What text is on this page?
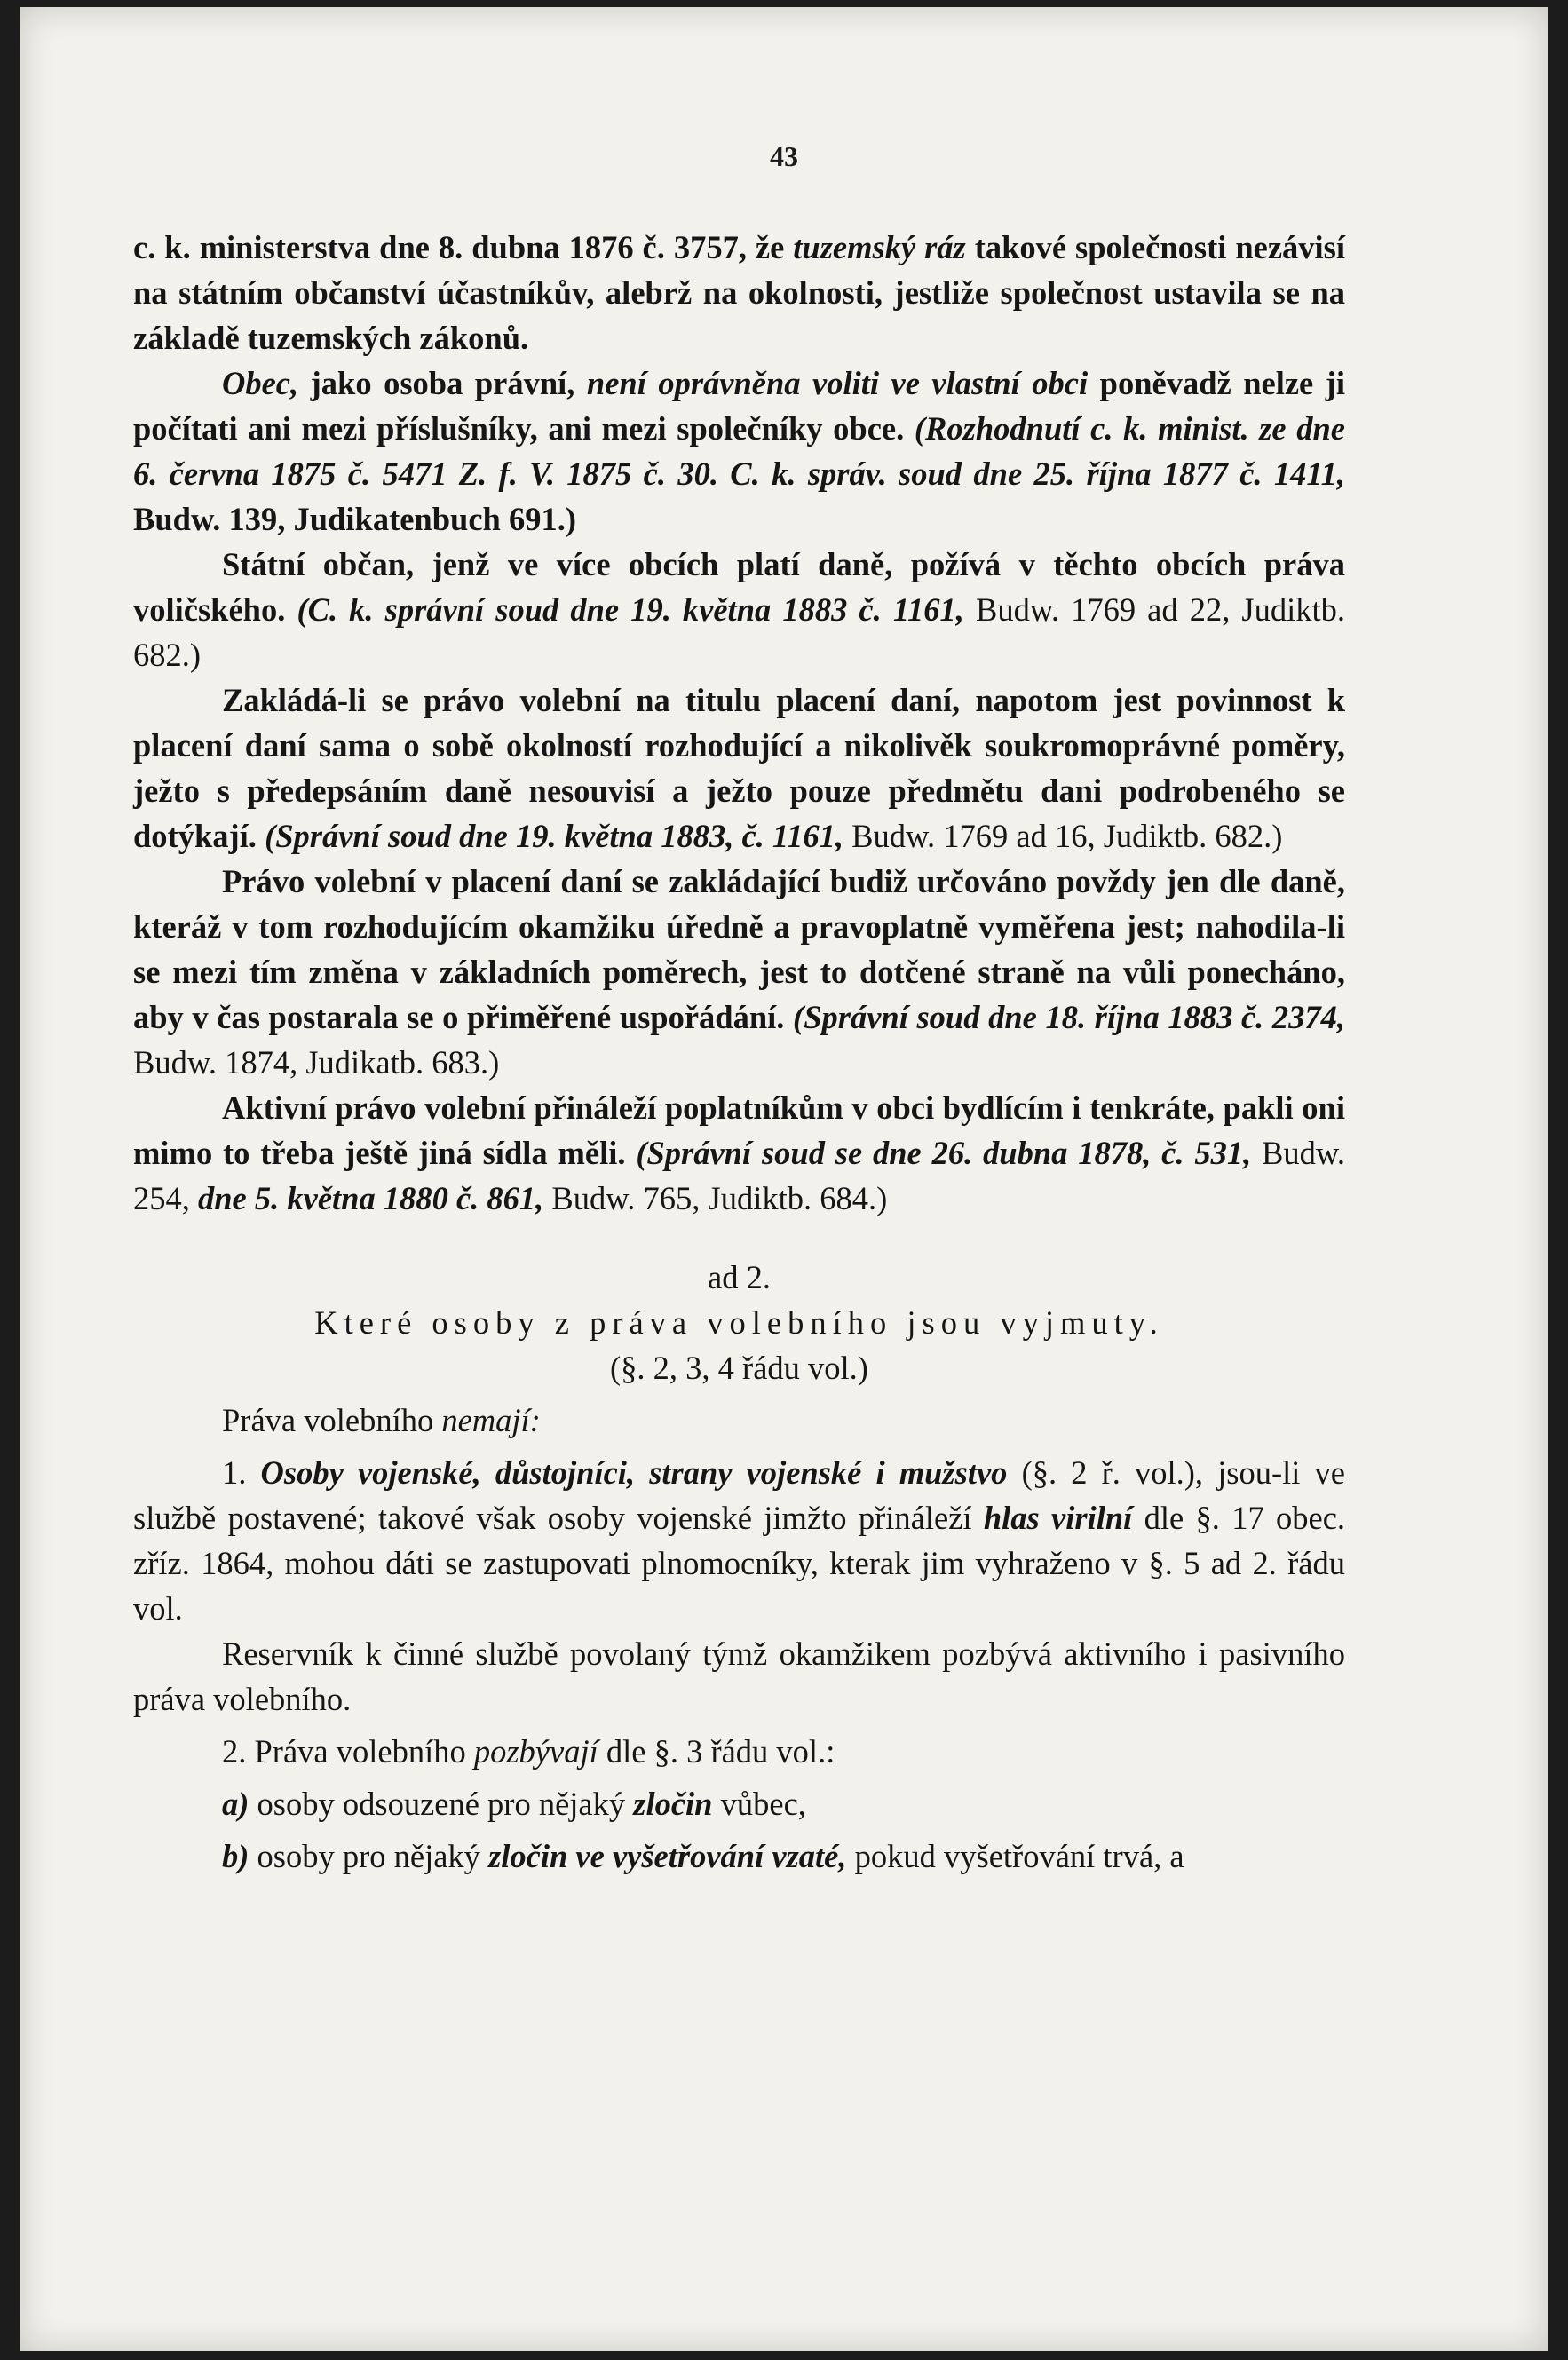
43

c. k. ministerstva dne 8. dubna 1876 č. 3757, že tuzemský ráz takové společnosti nezávisí na státním občanství účastníkův, alebrž na okolnosti, jestliže společnost ustavila se na základě tuzemských zákonů.

Obec, jako osoba právní, není oprávněna voliti ve vlastní obci poněvadž nelze ji počítati ani mezi příslušníky, ani mezi společníky obce. (Rozhodnutí c. k. minist. ze dne 6. června 1875 č. 5471 Z. f. V. 1875 č. 30. C. k. správ. soud dne 25. října 1877 č. 1411, Budw. 139, Judikatenbuch 691.)

Státní občan, jenž ve více obcích platí daně, požívá v těchto obcích práva voličského. (C. k. správní soud dne 19. května 1883 č. 1161, Budw. 1769 ad 22, Judiktb. 682.)

Zakládá-li se právo volební na titulu placení daní, napotom jest povinnost k placení daní sama o sobě okolností rozhodující a nikolivěk soukromoprávné poměry, ježto s předepsáním daně nesouvisí a ježto pouze předmětu dani podrobeného se dotýkají. (Správní soud dne 19. května 1883, č. 1161, Budw. 1769 ad 16, Judiktb. 682.)

Právo volební v placení daní se zakládající budiž určováno povždy jen dle daně, kteráž v tom rozhodujícím okamžiku úředně a pravoplatně vyměřena jest; nahodila-li se mezi tím změna v základních poměrech, jest to dotčené straně na vůli ponecháno, aby v čas postarala se o přiměřené uspořádání. (Správní soud dne 18. října 1883 č. 2374, Budw. 1874, Judikatb. 683.)

Aktivní právo volební přináleží poplatníkům v obci bydlícím i tenkráte, pakli oni mimo to třeba ještě jiná sídla měli. (Správní soud se dne 26. dubna 1878, č. 531, Budw. 254, dne 5. května 1880 č. 861, Budw. 765, Judiktb. 684.)

ad 2.

Které osoby z práva volebního jsou vyjmuty.

(§. 2, 3, 4 řádu vol.)

Práva volebního nemají:

1. Osoby vojenské, důstojníci, strany vojenské i mužstvo (§. 2 ř. vol.), jsou-li ve službě postavené; takové však osoby vojenské jimžto přináleží hlas virilní dle §. 17 obec. zříz. 1864, mohou dáti se zastupovati plnomocníky, kterak jim vyhraženo v §. 5 ad 2. řádu vol.

Reservník k činné službě povolaný týmž okamžikem pozbývá aktivního i pasivního práva volebního.

2. Práva volebního pozbývají dle §. 3 řádu vol.:

a) osoby odsouzené pro nějaký zločin vůbec,

b) osoby pro nějaký zločin ve vyšetřování vzaté, pokud vyšetřování trvá, a
